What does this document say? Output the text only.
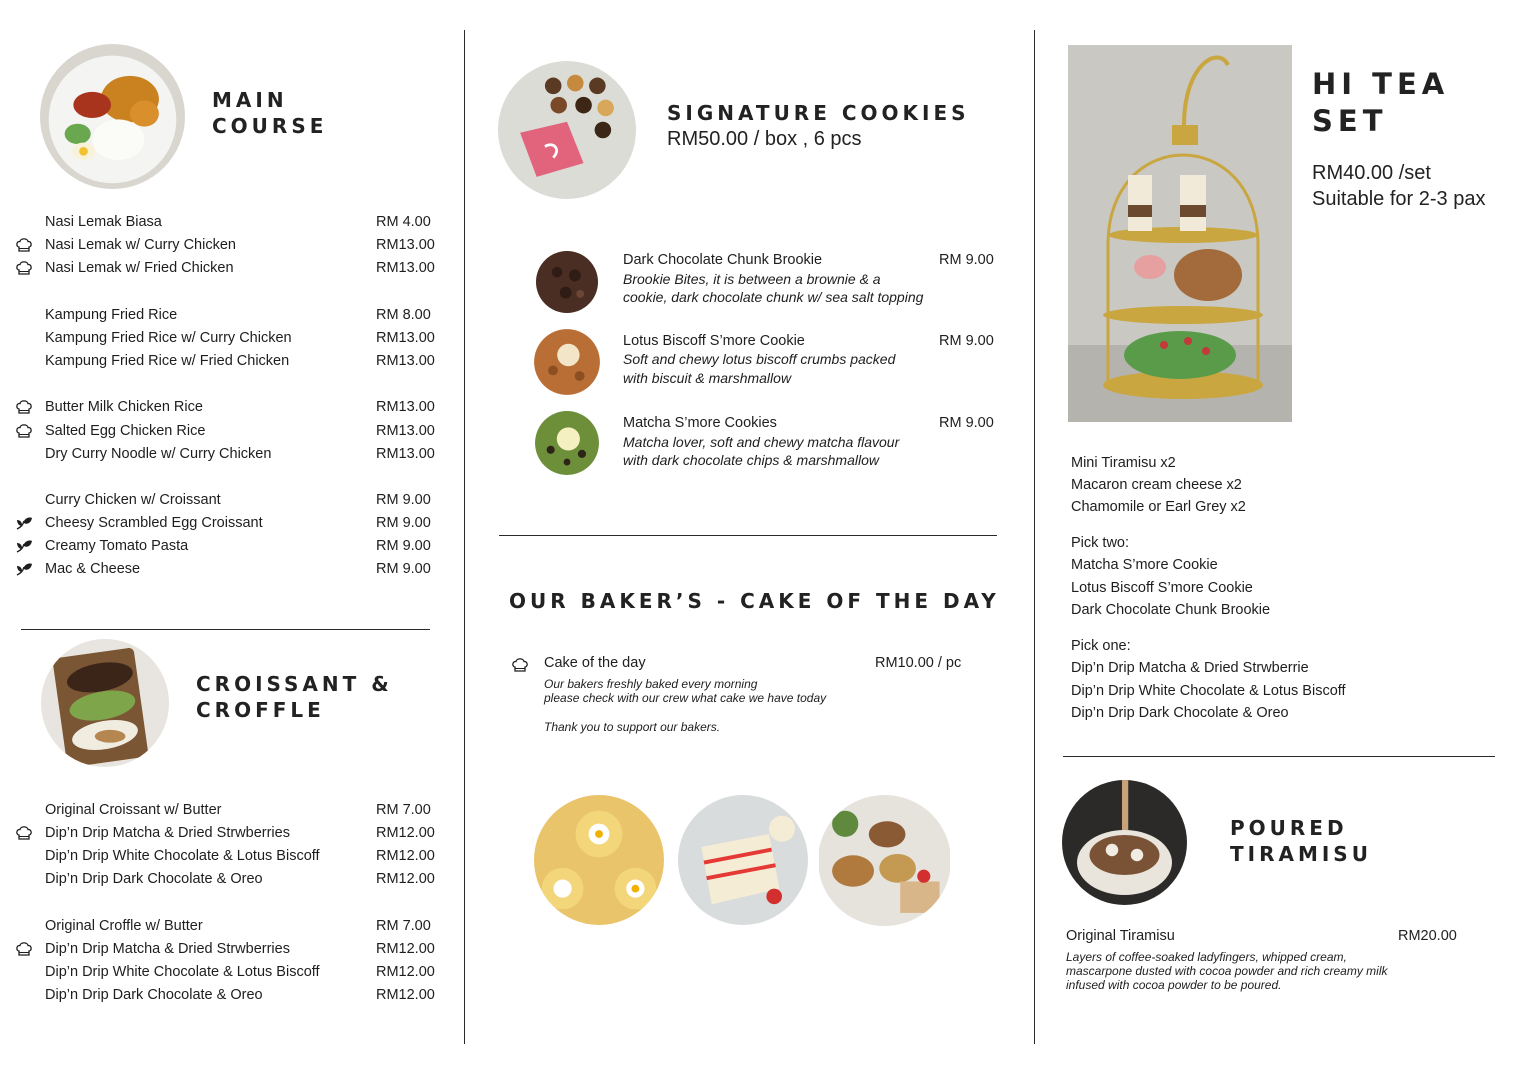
MAIN
COURSE
Nasi Lemak Biasa	RM 4.00
Nasi Lemak w/ Curry Chicken	RM13.00
Nasi Lemak w/ Fried Chicken	RM13.00
Kampung Fried Rice	RM 8.00
Kampung Fried Rice w/ Curry Chicken	RM13.00
Kampung Fried Rice w/ Fried Chicken	RM13.00
Butter Milk Chicken Rice	RM13.00
Salted Egg Chicken Rice	RM13.00
Dry Curry Noodle w/ Curry Chicken	RM13.00
Curry Chicken w/ Croissant	RM 9.00
Cheesy Scrambled Egg Croissant	RM 9.00
Creamy Tomato Pasta	RM 9.00
Mac & Cheese	RM 9.00
CROISSANT &
CROFFLE
Original Croissant w/ Butter	RM 7.00
Dip’n Drip Matcha & Dried Strwberries	RM12.00
Dip’n Drip White Chocolate & Lotus Biscoff	RM12.00
Dip’n Drip Dark Chocolate & Oreo	RM12.00
Original Croffle w/ Butter	RM 7.00
Dip’n Drip Matcha & Dried Strwberries	RM12.00
Dip’n Drip White Chocolate & Lotus Biscoff	RM12.00
Dip’n Drip Dark Chocolate & Oreo	RM12.00
SIGNATURE COOKIES
RM50.00 / box , 6 pcs
Dark Chocolate Chunk Brookie	RM 9.00
Brookie Bites, it is between a brownie & a
cookie, dark chocolate chunk w/ sea salt topping
Lotus Biscoff S’more Cookie	RM 9.00
Soft and chewy lotus biscoff crumbs packed
with biscuit & marshmallow
Matcha S’more Cookies	RM 9.00
Matcha lover, soft and chewy matcha flavour
with dark chocolate chips & marshmallow
OUR BAKER’S - CAKE OF THE DAY
Cake of the day	RM10.00 / pc
Our bakers freshly baked every morning
please check with our crew what cake we have today
Thank you to support our bakers.
HI TEA
SET
RM40.00 /set
Suitable for 2-3 pax
Mini Tiramisu x2
Macaron cream cheese x2
Chamomile or Earl Grey x2
Pick two:
Matcha S’more Cookie
Lotus Biscoff S’more Cookie
Dark Chocolate Chunk Brookie
Pick one:
Dip’n Drip Matcha & Dried Strwberrie
Dip’n Drip White Chocolate & Lotus Biscoff
Dip’n Drip Dark Chocolate & Oreo
POURED
TIRAMISU
Original Tiramisu	RM20.00
Layers of coffee-soaked ladyfingers, whipped cream,
mascarpone dusted with cocoa powder and rich creamy milk
infused with cocoa powder to be poured.
